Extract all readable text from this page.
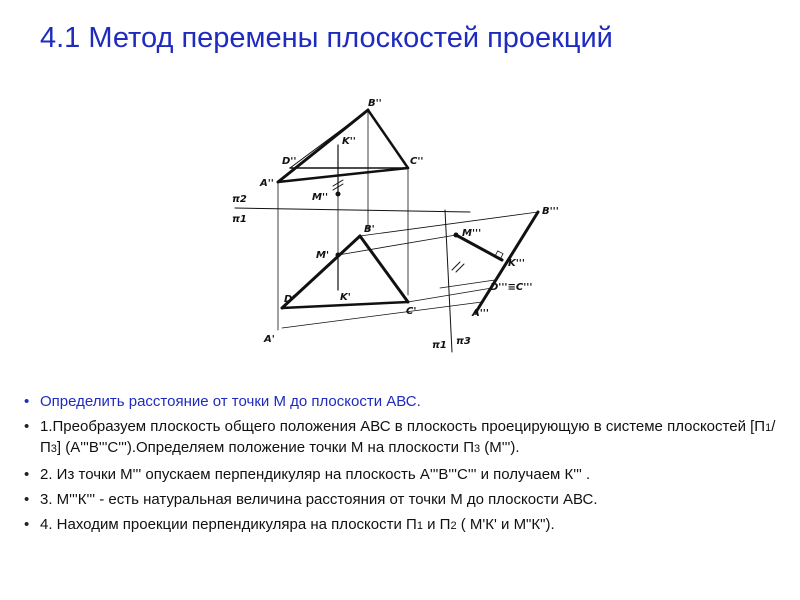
4.1 Метод перемены плоскостей проекций
B''
K''
D''	C''
A''
M''
π2
π1
B'
M'
D'	K'
C'
A'
M'''
B'''
K'''
D'''≡C'''
A'''
π1 π3
• Определить расстояние от точки М до плоскости АВС.
• 1.Преобразуем плоскость общего положения АВС в плоскость проецирующую в системе плоскостей [П1/П3] (А'''В'''С''').Определяем положение точки М на плоскости П3 (М''').
• 2. Из точки М''' опускаем перпендикуляр на плоскость А'''В'''С''' и получаем К''' .
• 3. М'''К''' - есть натуральная величина расстояния от точки М до плоскости АВС.
• 4. Находим проекции перпендикуляра на плоскости П1 и П2 ( М'К' и М"К").
